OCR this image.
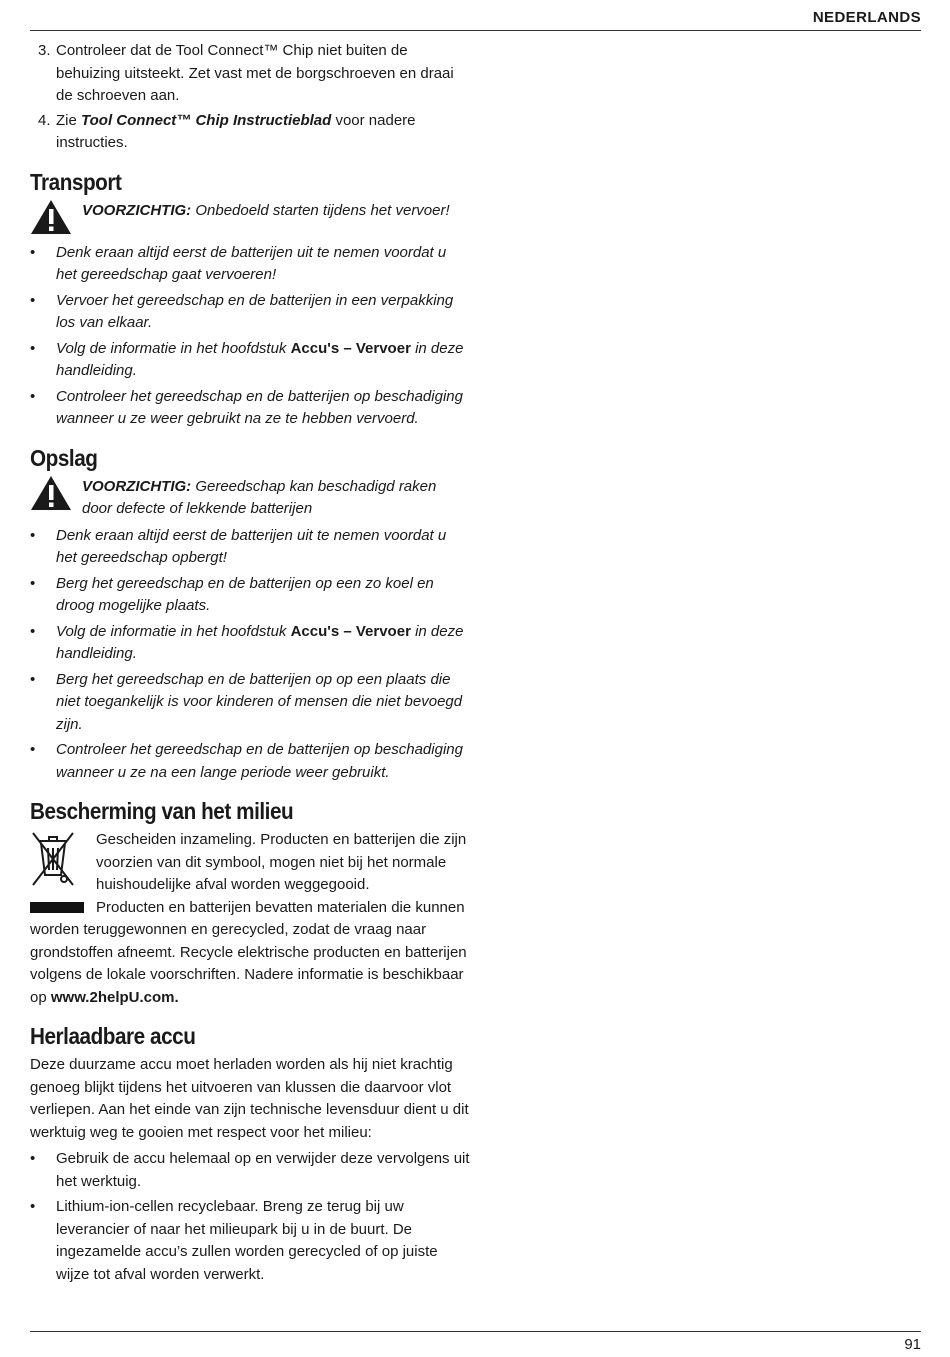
NEDERLANDS
3. Controleer dat de Tool Connect™ Chip niet buiten de behuizing uitsteekt. Zet vast met de borgschroeven en draai de schroeven aan.
4. Zie Tool Connect™ Chip Instructieblad voor nadere instructies.
Transport
VOORZICHTIG: Onbedoeld starten tijdens het vervoer!
• Denk eraan altijd eerst de batterijen uit te nemen voordat u het gereedschap gaat vervoeren!
• Vervoer het gereedschap en de batterijen in een verpakking los van elkaar.
• Volg de informatie in het hoofdstuk Accu's – Vervoer in deze handleiding.
• Controleer het gereedschap en de batterijen op beschadiging wanneer u ze weer gebruikt na ze te hebben vervoerd.
Opslag
VOORZICHTIG: Gereedschap kan beschadigd raken door defecte of lekkende batterijen
• Denk eraan altijd eerst de batterijen uit te nemen voordat u het gereedschap opbergt!
• Berg het gereedschap en de batterijen op een zo koel en droog mogelijke plaats.
• Volg de informatie in het hoofdstuk Accu's – Vervoer in deze handleiding.
• Berg het gereedschap en de batterijen op op een plaats die niet toegankelijk is voor kinderen of mensen die niet bevoegd zijn.
• Controleer het gereedschap en de batterijen op beschadiging wanneer u ze na een lange periode weer gebruikt.
Bescherming van het milieu

Gescheiden inzameling. Producten en batterijen die zijn voorzien van dit symbool, mogen niet bij het normale huishoudelijke afval worden weggegooid.

Producten en batterijen bevatten materialen die kunnen worden teruggewonnen en gerecycled, zodat de vraag naar grondstoffen afneemt. Recycle elektrische producten en batterijen volgens de lokale voorschriften. Nadere informatie is beschikbaar op www.2helpU.com.

Herlaadbare accu

Deze duurzame accu moet herladen worden als hij niet krachtig genoeg blijkt tijdens het uitvoeren van klussen die daarvoor vlot verliepen. Aan het einde van zijn technische levensduur dient u dit werktuig weg te gooien met respect voor het milieu:

• Gebruik de accu helemaal op en verwijder deze vervolgens uit het werktuig.
• Lithium-ion-cellen recyclebaar. Breng ze terug bij uw leverancier of naar het milieupark bij u in de buurt. De ingezamelde accu’s zullen worden gerecycled of op juiste wijze tot afval worden verwerkt.
91
